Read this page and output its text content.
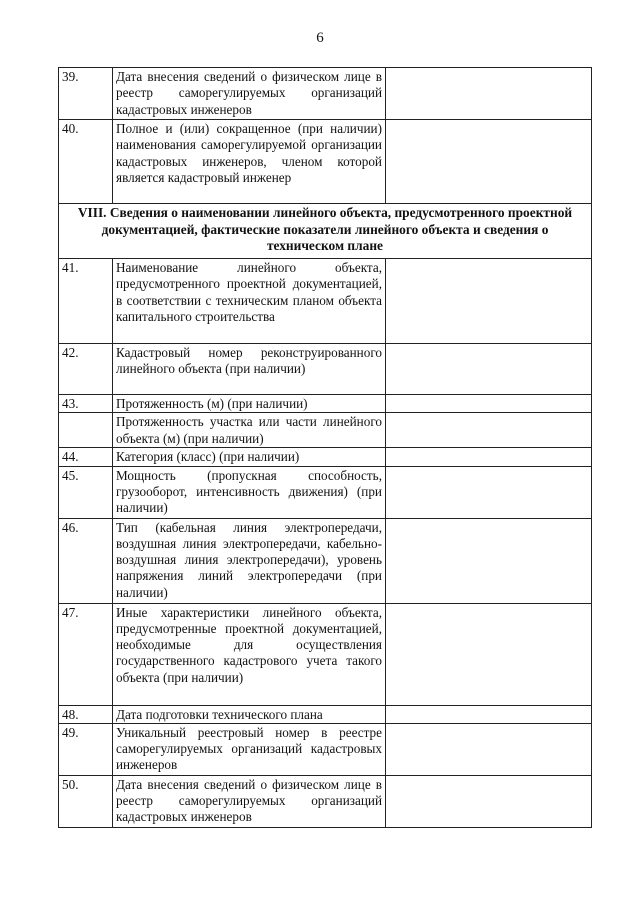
6
39.	Дата внесения сведений о физическом лице в реестр саморегулируемых организаций кадастровых инженеров	
40.	Полное и (или) сокращенное (при наличии) наименования саморегулируемой организации кадастровых инженеров, членом которой является кадастровый инженер	
VIII. Сведения о наименовании линейного объекта, предусмотренного проектной документацией, фактические показатели линейного объекта и сведения о техническом плане		
41.	Наименование линейного объекта, предусмотренного проектной документацией, в соответствии с техническим планом объекта капитального строительства	
42.	Кадастровый номер реконструированного линейного объекта (при наличии)	
43.	Протяженность (м) (при наличии)	
	Протяженность участка или части линейного объекта (м) (при наличии)	
44.	Категория (класс) (при наличии)	
45.	Мощность (пропускная способность, грузооборот, интенсивность движения) (при наличии)	
46.	Тип (кабельная линия электропередачи, воздушная линия электропередачи, кабельно-воздушная линия электропередачи), уровень напряжения линий электропередачи (при наличии)	
47.	Иные характеристики линейного объекта, предусмотренные проектной документацией, необходимые для осуществления государственного кадастрового учета такого объекта (при наличии)	
48.	Дата подготовки технического плана	
49.	Уникальный реестровый номер в реестре саморегулируемых организаций кадастровых инженеров	
50.	Дата внесения сведений о физическом лице в реестр саморегулируемых организаций кадастровых инженеров	
